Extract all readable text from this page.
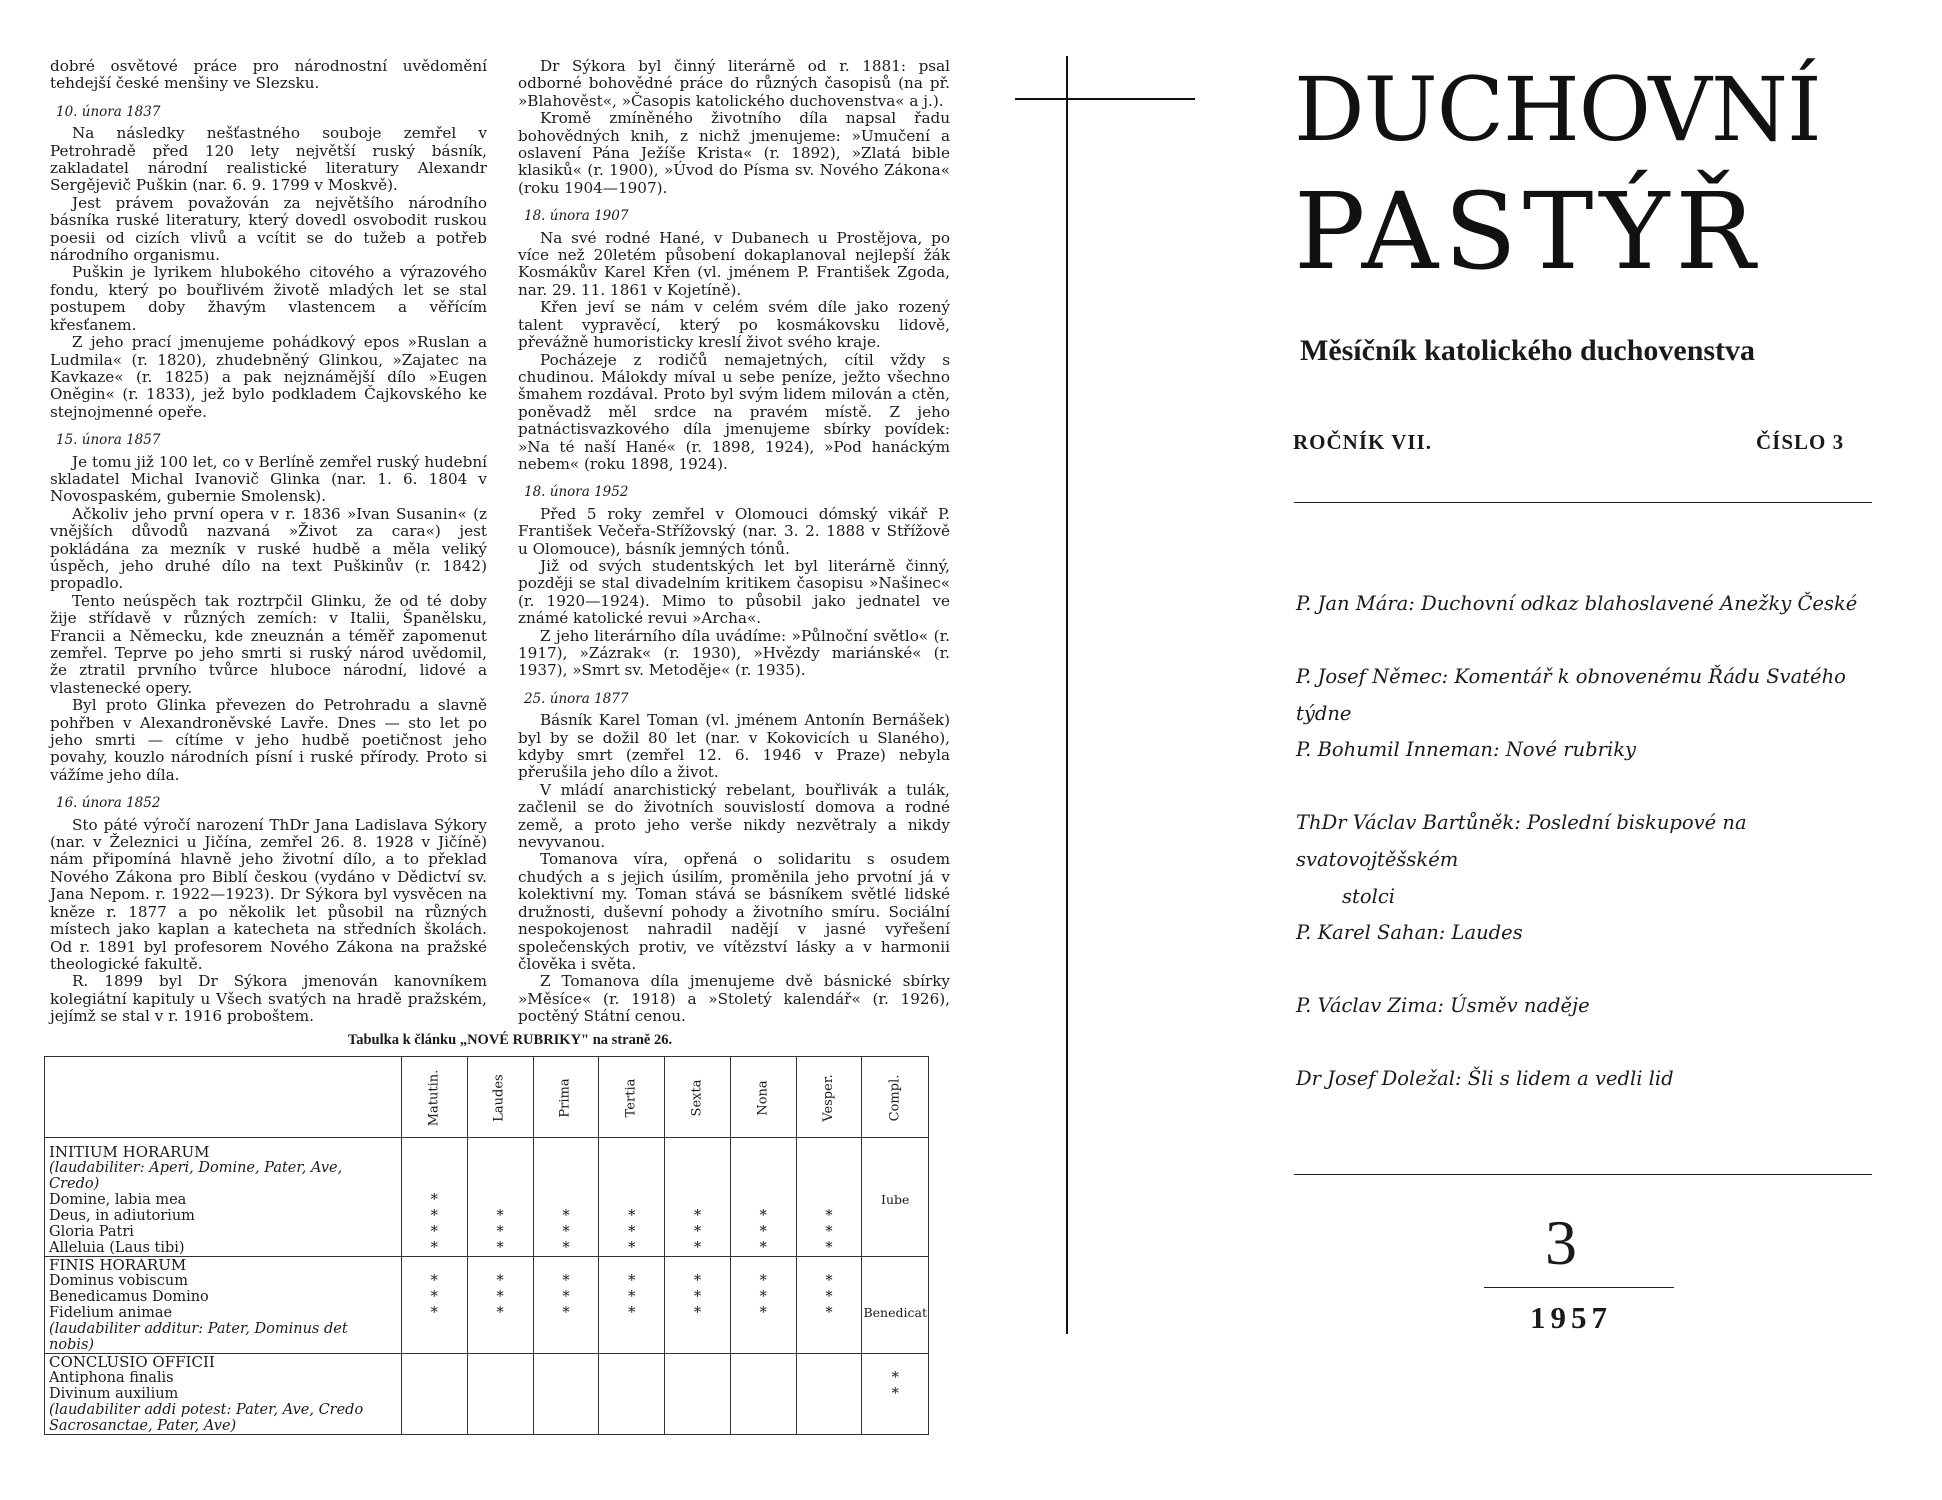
dobré osvětové práce pro národnostní uvědomění tehdejší české menšiny ve Slezsku.

10. února 1837

Na následky nešťastného souboje zemřel v Petrohradě před 120 lety největší ruský básník, zakladatel národní realistické literatury Alexandr Sergějevič Puškin (nar. 6. 9. 1799 v Moskvě).

Jest právem považován za největšího národního básníka ruské literatury, který dovedl osvobodit ruskou poesii od cizích vlivů a vcítit se do tužeb a potřeb národního organismu.

Puškin je lyrikem hlubokého citového a výrazového fondu, který po bouřlivém životě mladých let se stal postupem doby žhavým vlastencem a věřícím křesťanem.

Z jeho prací jmenujeme pohádkový epos »Ruslan a Ludmila« (r. 1820), zhudebněný Glinkou, »Zajatec na Kavkaze« (r. 1825) a pak nejznámější dílo »Eugen Oněgin« (r. 1833), jež bylo podkladem Čajkovského ke stejnojmenné opeře.

15. února 1857

Je tomu již 100 let, co v Berlíně zemřel ruský hudební skladatel Michal Ivanovič Glinka (nar. 1. 6. 1804 v Novospaském, gubernie Smolensk).

Ačkoliv jeho první opera v r. 1836 »Ivan Susanin« (z vnějších důvodů nazvaná »Život za cara«) jest pokládána za mezník v ruské hudbě a měla veliký úspěch, jeho druhé dílo na text Puškinův (r. 1842) propadlo.

Tento neúspěch tak roztrpčil Glinku, že od té doby žije střídavě v různých zemích: v Italii, Španělsku, Francii a Německu, kde zneuznán a téměř zapomenut zemřel. Teprve po jeho smrti si ruský národ uvědomil, že ztratil prvního tvůrce hluboce národní, lidové a vlastenecké opery.

Byl proto Glinka převezen do Petrohradu a slavně pohřben v Alexandroněvské Lavře. Dnes — sto let po jeho smrti — cítíme v jeho hudbě poetičnost jeho povahy, kouzlo národních písní i ruské přírody. Proto si vážíme jeho díla.

16. února 1852

Sto páté výročí narození ThDr Jana Ladislava Sýkory (nar. v Železnici u Jičína, zemřel 26. 8. 1928 v Jičíně) nám připomíná hlavně jeho životní dílo, a to překlad Nového Zákona pro Biblí českou (vydáno v Dědictví sv. Jana Nepom. r. 1922—1923). Dr Sýkora byl vysvěcen na kněze r. 1877 a po několik let působil na různých místech jako kaplan a katecheta na středních školách. Od r. 1891 byl profesorem Nového Zákona na pražské theologické fakultě.

R. 1899 byl Dr Sýkora jmenován kanovníkem kolegiátní kapituly u Všech svatých na hradě pražském, jejímž se stal v r. 1916 proboštem.

Dr Sýkora byl činný literárně od r. 1881: psal odborné bohovědné práce do různých časopisů (na př. »Blahověst«, »Časopis katolického duchovenstva« a j.).

Kromě zmíněného životního díla napsal řadu bohovědných knih, z nichž jmenujeme: »Umučení a oslavení Pána Ježíše Krista« (r. 1892), »Zlatá bible klasiků« (r. 1900), »Úvod do Písma sv. Nového Zákona« (roku 1904—1907).

18. února 1907

Na své rodné Hané, v Dubanech u Prostějova, po více než 20letém působení dokaplanoval nejlepší žák Kosmákův Karel Křen (vl. jménem P. František Zgoda, nar. 29. 11. 1861 v Kojetíně).

Křen jeví se nám v celém svém díle jako rozený talent vypravěcí, který po kosmákovsku lidově, převážně humoristicky kreslí život svého kraje.

Pocházeje z rodičů nemajetných, cítil vždy s chudinou. Málokdy míval u sebe peníze, ježto všechno šmahem rozdával. Proto byl svým lidem milován a ctěn, poněvadž měl srdce na pravém místě. Z jeho patnáctisvazkového díla jmenujeme sbírky povídek: »Na té naší Hané« (r. 1898, 1924), »Pod hanáckým nebem« (roku 1898, 1924).

18. února 1952

Před 5 roky zemřel v Olomouci dómský vikář P. František Večeřa-Střížovský (nar. 3. 2. 1888 v Střížově u Olomouce), básník jemných tónů.

Již od svých studentských let byl literárně činný, později se stal divadelním kritikem časopisu »Našinec« (r. 1920—1924). Mimo to působil jako jednatel ve známé katolické revui »Archa«.

Z jeho literárního díla uvádíme: »Půlnoční světlo« (r. 1917), »Zázrak« (r. 1930), »Hvězdy mariánské« (r. 1937), »Smrt sv. Metoděje« (r. 1935).

25. února 1877

Básník Karel Toman (vl. jménem Antonín Bernášek) byl by se dožil 80 let (nar. v Kokovicích u Slaného), kdyby smrt (zemřel 12. 6. 1946 v Praze) nebyla přerušila jeho dílo a život.

V mládí anarchistický rebelant, bouřlivák a tulák, začlenil se do životních souvislostí domova a rodné země, a proto jeho verše nikdy nezvětraly a nikdy nevyvanou.

Tomanova víra, opřená o solidaritu s osudem chudých a s jejich úsilím, proměnila jeho prvotní já v kolektivní my. Toman stává se básníkem světlé lidské družnosti, duševní pohody a životního smíru. Sociální nespokojenost nahradil nadějí v jasné vyřešení společenských protiv, ve vítězství lásky a v harmonii člověka i světa.

Z Tomanova díla jmenujeme dvě básnické sbírky »Měsíce« (r. 1918) a »Stoletý kalendář« (r. 1926), poctěný Státní cenou.

Tabulka k článku „NOVÉ RUBRIKY" na straně 26.
	Matutin.	Laudes	Prima	Tertia	Sexta	Nona	Vesper.	Compl.
INITIUM HORARUM								
(laudabiliter: Aperi, Domine, Pater, Ave, Credo)								
Domine, labia mea	*							Iube
Deus, in adiutorium	*	*	*	*	*	*	*	
Gloria Patri	*	*	*	*	*	*	*	
Alleluia (Laus tibi)	*	*	*	*	*	*	*	
FINIS HORARUM								
Dominus vobiscum	*	*	*	*	*	*	*	
Benedicamus Domino	*	*	*	*	*	*	*	
Fidelium animae	*	*	*	*	*	*	*	Benedicat
(laudabiliter additur: Pater, Dominus det nobis)								
CONCLUSIO OFFICII								
Antiphona finalis								*
Divinum auxilium								*
(laudabiliter addi potest: Pater, Ave, Credo Sacrosanctae, Pater, Ave)								
DUCHOVNÍ
PASTÝŘ
Měsíčník katolického duchovenstva
ROČNÍK VII.	ČÍSLO 3
P. Jan Mára: Duchovní odkaz blahoslavené Anežky České
P. Josef Němec: Komentář k obnovenému Řádu Svatého týdne
P. Bohumil Inneman: Nové rubriky
ThDr Václav Bartůněk: Poslední biskupové na svatovojtěšském
stolci
P. Karel Sahan: Laudes
P. Václav Zima: Úsměv naděje
Dr Josef Doležal: Šli s lidem a vedli lid
3
1957
